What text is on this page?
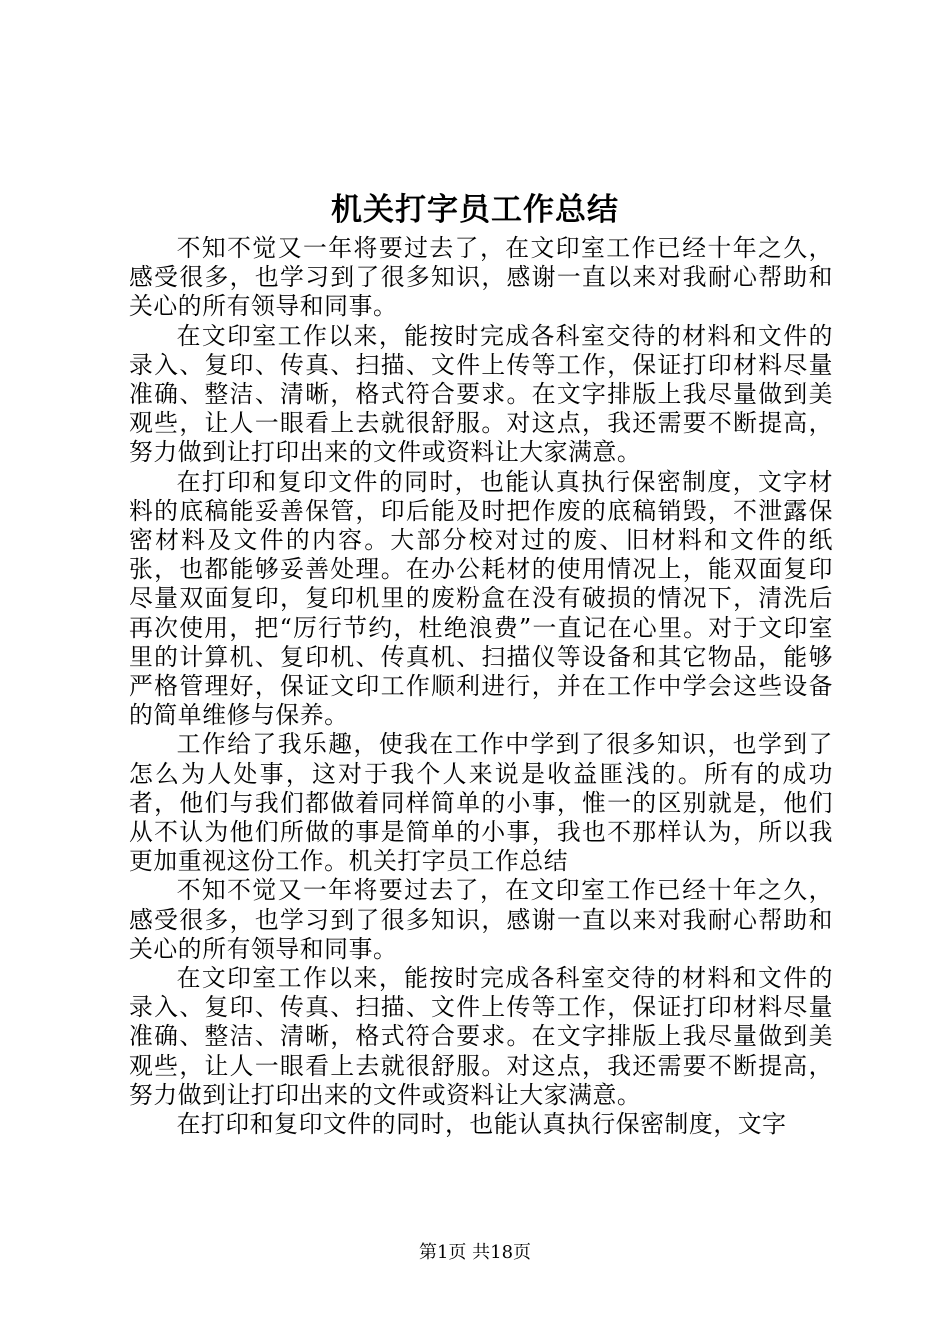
机关打字员工作总结

不知不觉又一年将要过去了，在文印室工作已经十年之久，感受很多，也学习到了很多知识，感谢一直以来对我耐心帮助和关心的所有领导和同事。

在文印室工作以来，能按时完成各科室交待的材料和文件的录入、复印、传真、扫描、文件上传等工作，保证打印材料尽量准确、整洁、清晰，格式符合要求。在文字排版上我尽量做到美观些，让人一眼看上去就很舒服。对这点，我还需要不断提高，努力做到让打印出来的文件或资料让大家满意。

在打印和复印文件的同时，也能认真执行保密制度，文字材料的底稿能妥善保管，印后能及时把作废的底稿销毁，不泄露保密材料及文件的内容。大部分校对过的废、旧材料和文件的纸张，也都能够妥善处理。在办公耗材的使用情况上，能双面复印尽量双面复印，复印机里的废粉盒在没有破损的情况下，清洗后再次使用，把“厉行节约，杜绝浪费”一直记在心里。对于文印室里的计算机、复印机、传真机、扫描仪等设备和其它物品，能够严格管理好，保证文印工作顺利进行，并在工作中学会这些设备的简单维修与保养。

工作给了我乐趣，使我在工作中学到了很多知识，也学到了怎么为人处事，这对于我个人来说是收益匪浅的。所有的成功者，他们与我们都做着同样简单的小事，惟一的区别就是，他们从不认为他们所做的事是简单的小事，我也不那样认为，所以我更加重视这份工作。机关打字员工作总结

不知不觉又一年将要过去了，在文印室工作已经十年之久，感受很多，也学习到了很多知识，感谢一直以来对我耐心帮助和关心的所有领导和同事。

在文印室工作以来，能按时完成各科室交待的材料和文件的录入、复印、传真、扫描、文件上传等工作，保证打印材料尽量准确、整洁、清晰，格式符合要求。在文字排版上我尽量做到美观些，让人一眼看上去就很舒服。对这点，我还需要不断提高，努力做到让打印出来的文件或资料让大家满意。

在打印和复印文件的同时，也能认真执行保密制度，文字

第1页 共18页
